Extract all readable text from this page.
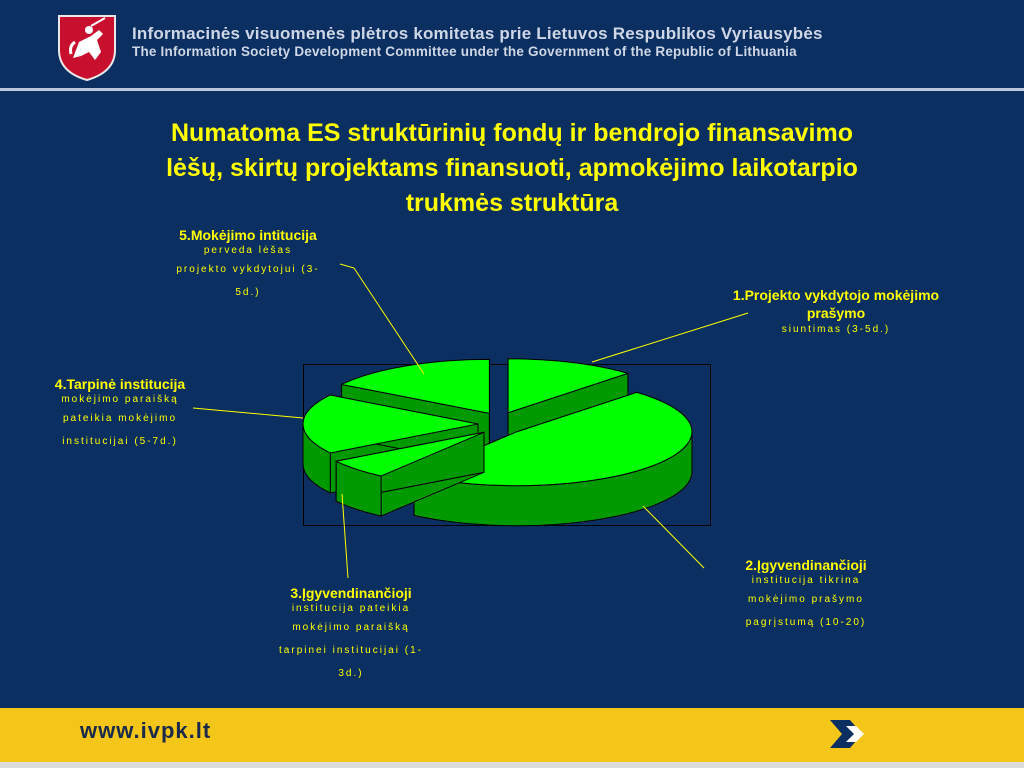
Informacinės visuomenės plėtros komitetas prie Lietuvos Respublikos Vyriausybės
The Information Society Development Committee under the Government of the Republic of Lithuania
Numatoma ES struktūrinių fondų ir bendrojo finansavimo
lėšų, skirtų projektams finansuoti, apmokėjimo laikotarpio
trukmės struktūra
1.Projekto vykdytojo mokėjimo prašymo
siuntimas (3-5d.)
2.Įgyvendinančioji
institucija tikrina
mokėjimo prašymo
pagrįstumą (10-20)
3.Įgyvendinančioji
institucija pateikia
mokėjimo paraišką
tarpinei institucijai (1-
3d.)
4.Tarpinė institucija
mokėjimo paraišką
pateikia mokėjimo
institucijai (5-7d.)
5.Mokėjimo intitucija
perveda lėšas
projekto vykdytojui (3-
5d.)
www.ivpk.lt
